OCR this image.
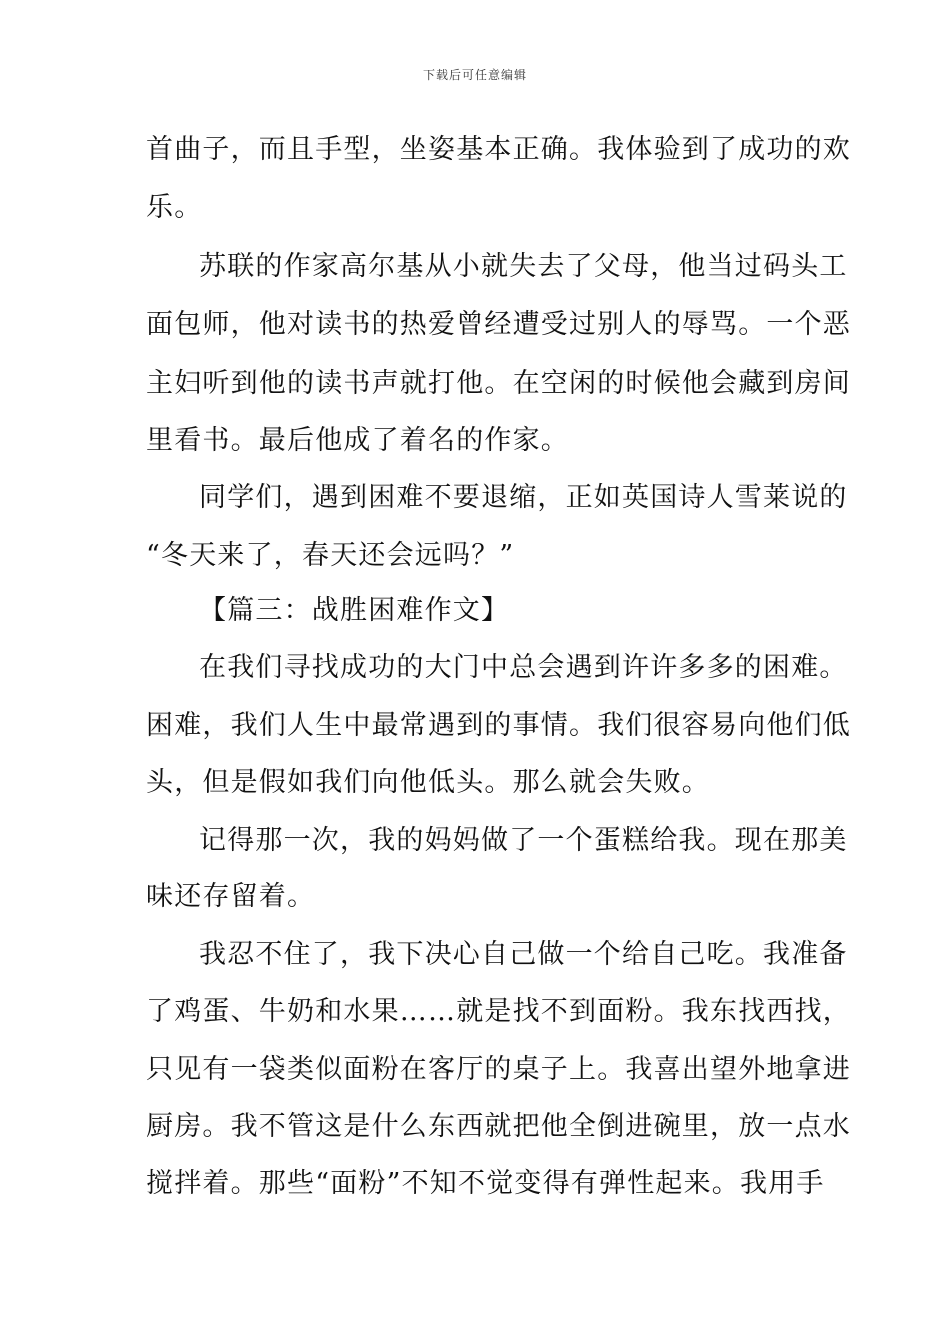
下载后可任意编辑
首曲子，而且手型，坐姿基本正确。我体验到了成功的欢
乐。
苏联的作家高尔基从小就失去了父母，他当过码头工
面包师，他对读书的热爱曾经遭受过别人的辱骂。一个恶
主妇听到他的读书声就打他。在空闲的时候他会藏到房间
里看书。最后他成了着名的作家。
同学们，遇到困难不要退缩，正如英国诗人雪莱说的
“冬天来了，春天还会远吗？”
【篇三：战胜困难作文】
在我们寻找成功的大门中总会遇到许许多多的困难。
困难，我们人生中最常遇到的事情。我们很容易向他们低
头，但是假如我们向他低头。那么就会失败。
记得那一次，我的妈妈做了一个蛋糕给我。现在那美
味还存留着。
我忍不住了，我下决心自己做一个给自己吃。我准备
了鸡蛋、牛奶和水果……就是找不到面粉。我东找西找，
只见有一袋类似面粉在客厅的桌子上。我喜出望外地拿进
厨房。我不管这是什么东西就把他全倒进碗里，放一点水
搅拌着。那些“面粉”不知不觉变得有弹性起来。我用手
